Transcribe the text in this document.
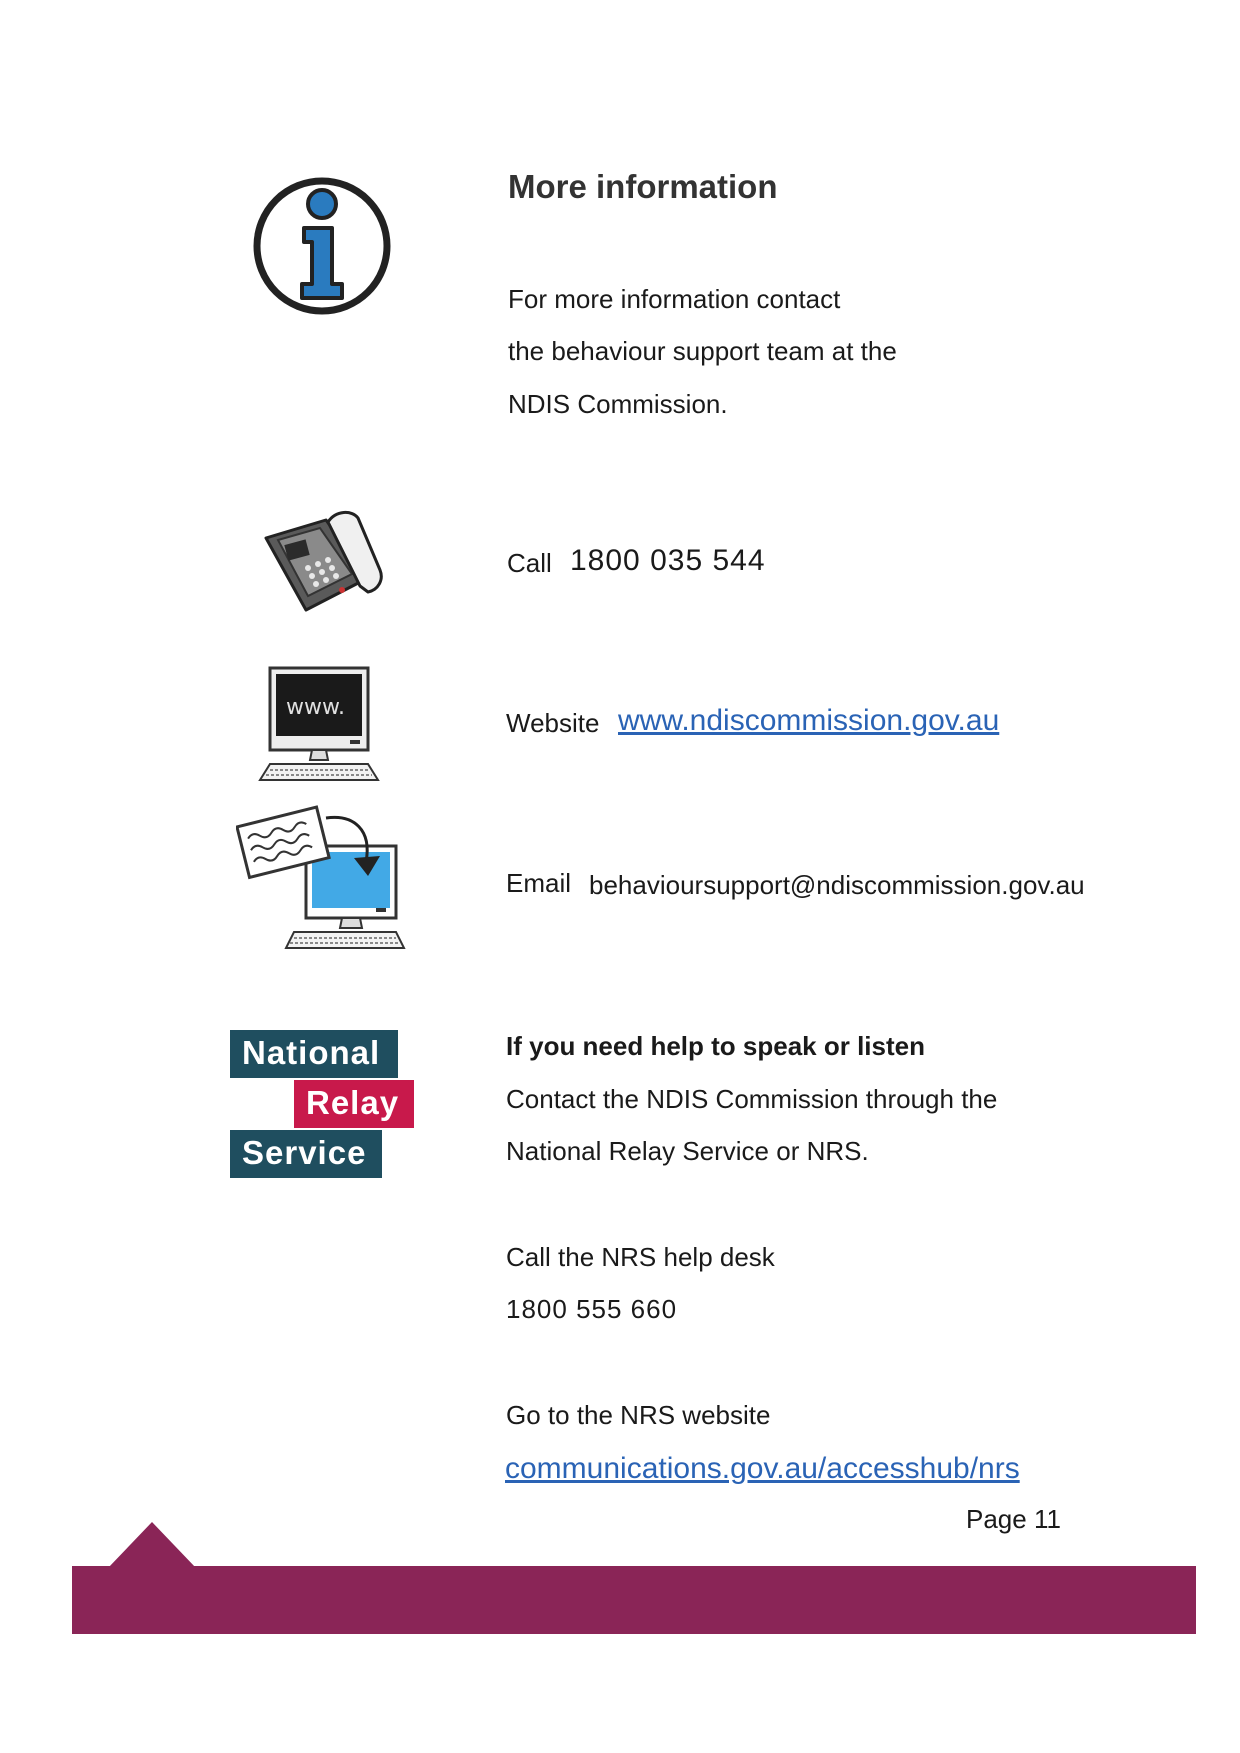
More information
For more information contact
the behaviour support team at the
NDIS Commission.
Call 1800 035 544
www.
Website www.ndiscommission.gov.au
Email behavioursupport@ndiscommission.gov.au
National
Relay
Service
If you need help to speak or listen
Contact the NDIS Commission through the
National Relay Service or NRS.
Call the NRS help desk
1800 555 660
Go to the NRS website
communications.gov.au/accesshub/nrs
Page 11
